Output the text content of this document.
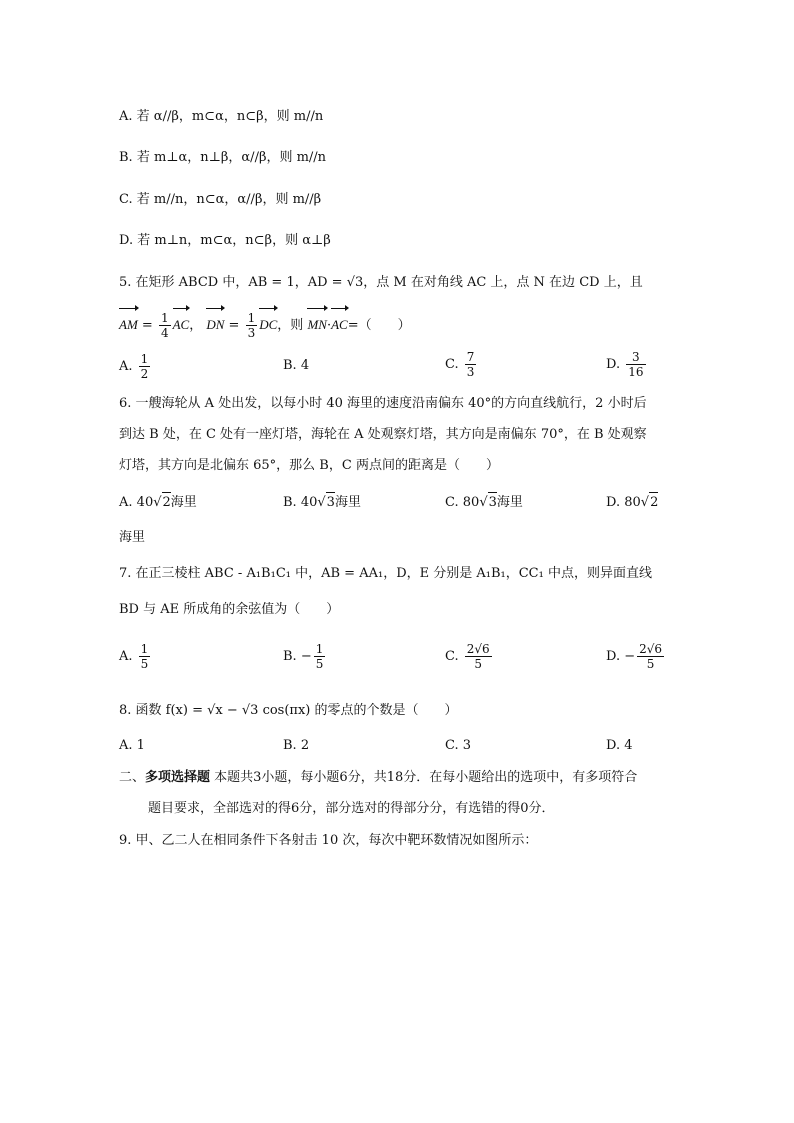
A. 若 α//β，m⊂α，n⊂β，则 m//n
B. 若 m⊥α，n⊥β，α//β，则 m//n
C. 若 m//n，n⊂α，α//β，则 m//β
D. 若 m⊥n，m⊂α，n⊂β，则 α⊥β
5. 在矩形 ABCD 中，AB = 1，AD = √3，点 M 在对角线 AC 上，点 N 在边 CD 上，且
AM = $\frac{1}{4}$ AC， DN = $\frac{1}{3}$ DC，则 MN·AC=（　　）
A. $\frac{1}{2}$	B. 4	C. $\frac{7}{3}$	D. $\frac{3}{16}$
6. 一艘海轮从 A 处出发，以每小时 40 海里的速度沿南偏东 40°的方向直线航行，2 小时后
到达 B 处，在 C 处有一座灯塔，海轮在 A 处观察灯塔，其方向是南偏东 70°，在 B 处观察
灯塔，其方向是北偏东 65°，那么 B，C 两点间的距离是（　　）
A. 40√2海里	B. 40√3海里	C. 80√3海里	D. 80√2
海里
7. 在正三棱柱 ABC - A₁B₁C₁ 中，AB = AA₁，D，E 分别是 A₁B₁，CC₁ 中点，则异面直线
BD 与 AE 所成角的余弦值为（　　）
A. $\frac{1}{5}$	B. − $\frac{1}{5}$	C. $\frac{2√6}{5}$	D. − $\frac{2√6}{5}$
8. 函数 f(x) = √x − √3 cos(πx) 的零点的个数是（　　）
A. 1	B. 2	C. 3	D. 4
二、多项选择题 本题共3小题，每小题6分，共18分．在每小题给出的选项中，有多项符合
题目要求，全部选对的得6分，部分选对的得部分分，有选错的得0分．
9. 甲、乙二人在相同条件下各射击 10 次，每次中靶环数情况如图所示：
